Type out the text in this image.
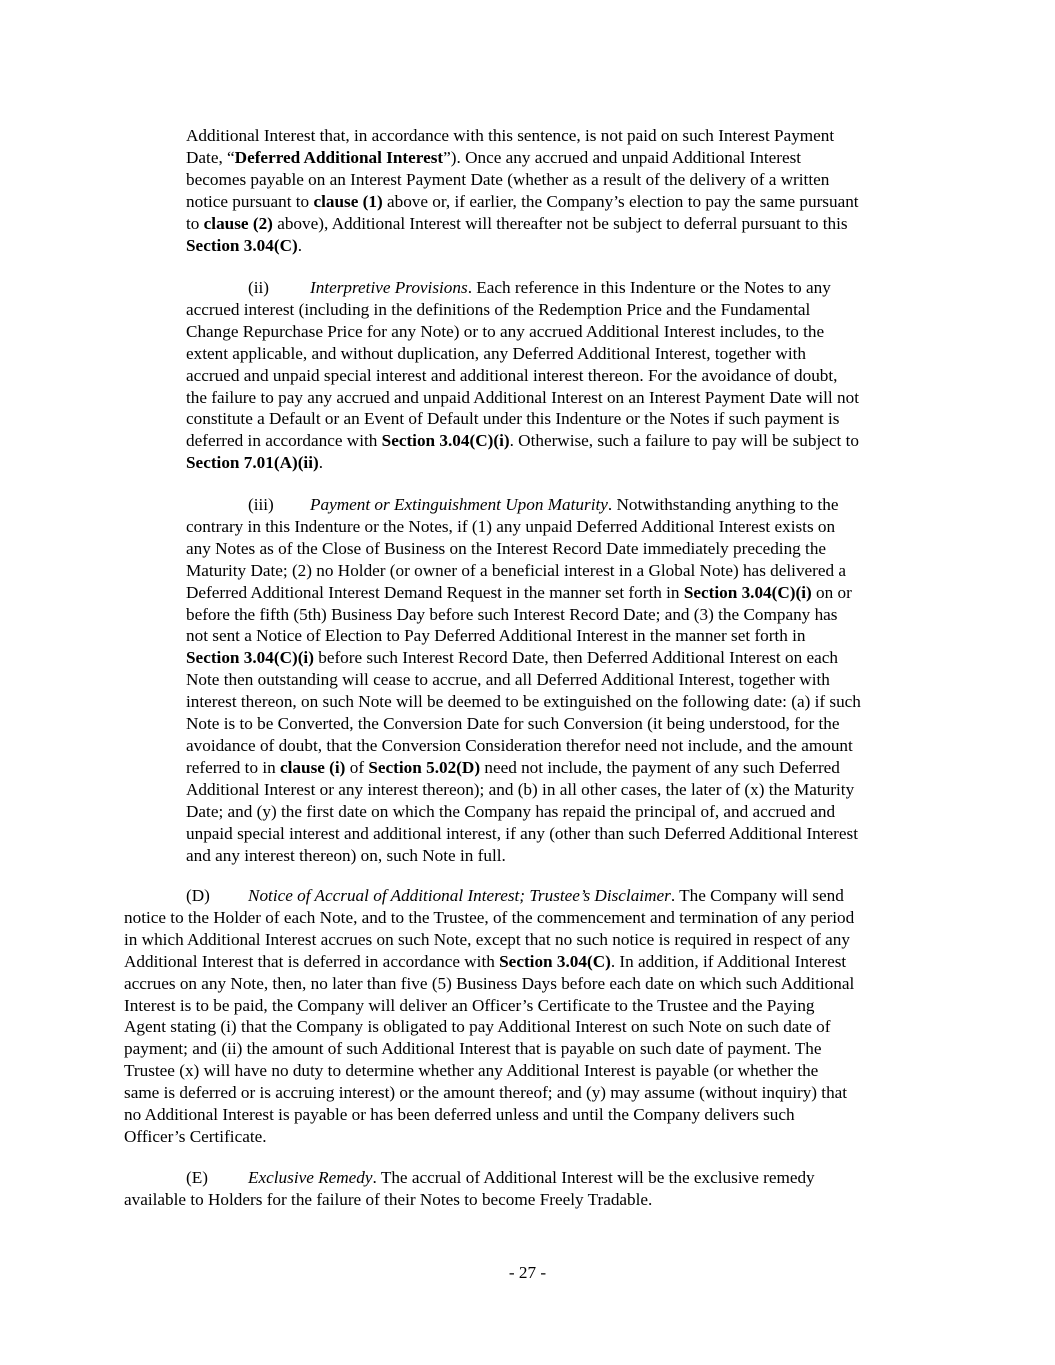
Additional Interest that, in accordance with this sentence, is not paid on such Interest Payment
Date, “Deferred Additional Interest”). Once any accrued and unpaid Additional Interest
becomes payable on an Interest Payment Date (whether as a result of the delivery of a written
notice pursuant to clause (1) above or, if earlier, the Company’s election to pay the same pursuant
to clause (2) above), Additional Interest will thereafter not be subject to deferral pursuant to this
Section 3.04(C).
(ii) Interpretive Provisions. Each reference in this Indenture or the Notes to any
accrued interest (including in the definitions of the Redemption Price and the Fundamental
Change Repurchase Price for any Note) or to any accrued Additional Interest includes, to the
extent applicable, and without duplication, any Deferred Additional Interest, together with
accrued and unpaid special interest and additional interest thereon. For the avoidance of doubt,
the failure to pay any accrued and unpaid Additional Interest on an Interest Payment Date will not
constitute a Default or an Event of Default under this Indenture or the Notes if such payment is
deferred in accordance with Section 3.04(C)(i). Otherwise, such a failure to pay will be subject to
Section 7.01(A)(ii).
(iii) Payment or Extinguishment Upon Maturity. Notwithstanding anything to the
contrary in this Indenture or the Notes, if (1) any unpaid Deferred Additional Interest exists on
any Notes as of the Close of Business on the Interest Record Date immediately preceding the
Maturity Date; (2) no Holder (or owner of a beneficial interest in a Global Note) has delivered a
Deferred Additional Interest Demand Request in the manner set forth in Section 3.04(C)(i) on or
before the fifth (5th) Business Day before such Interest Record Date; and (3) the Company has
not sent a Notice of Election to Pay Deferred Additional Interest in the manner set forth in
Section 3.04(C)(i) before such Interest Record Date, then Deferred Additional Interest on each
Note then outstanding will cease to accrue, and all Deferred Additional Interest, together with
interest thereon, on such Note will be deemed to be extinguished on the following date: (a) if such
Note is to be Converted, the Conversion Date for such Conversion (it being understood, for the
avoidance of doubt, that the Conversion Consideration therefor need not include, and the amount
referred to in clause (i) of Section 5.02(D) need not include, the payment of any such Deferred
Additional Interest or any interest thereon); and (b) in all other cases, the later of (x) the Maturity
Date; and (y) the first date on which the Company has repaid the principal of, and accrued and
unpaid special interest and additional interest, if any (other than such Deferred Additional Interest
and any interest thereon) on, such Note in full.
(D) Notice of Accrual of Additional Interest; Trustee’s Disclaimer. The Company will send
notice to the Holder of each Note, and to the Trustee, of the commencement and termination of any period
in which Additional Interest accrues on such Note, except that no such notice is required in respect of any
Additional Interest that is deferred in accordance with Section 3.04(C). In addition, if Additional Interest
accrues on any Note, then, no later than five (5) Business Days before each date on which such Additional
Interest is to be paid, the Company will deliver an Officer’s Certificate to the Trustee and the Paying
Agent stating (i) that the Company is obligated to pay Additional Interest on such Note on such date of
payment; and (ii) the amount of such Additional Interest that is payable on such date of payment. The
Trustee (x) will have no duty to determine whether any Additional Interest is payable (or whether the
same is deferred or is accruing interest) or the amount thereof; and (y) may assume (without inquiry) that
no Additional Interest is payable or has been deferred unless and until the Company delivers such
Officer’s Certificate.
(E) Exclusive Remedy. The accrual of Additional Interest will be the exclusive remedy
available to Holders for the failure of their Notes to become Freely Tradable.
- 27 -
